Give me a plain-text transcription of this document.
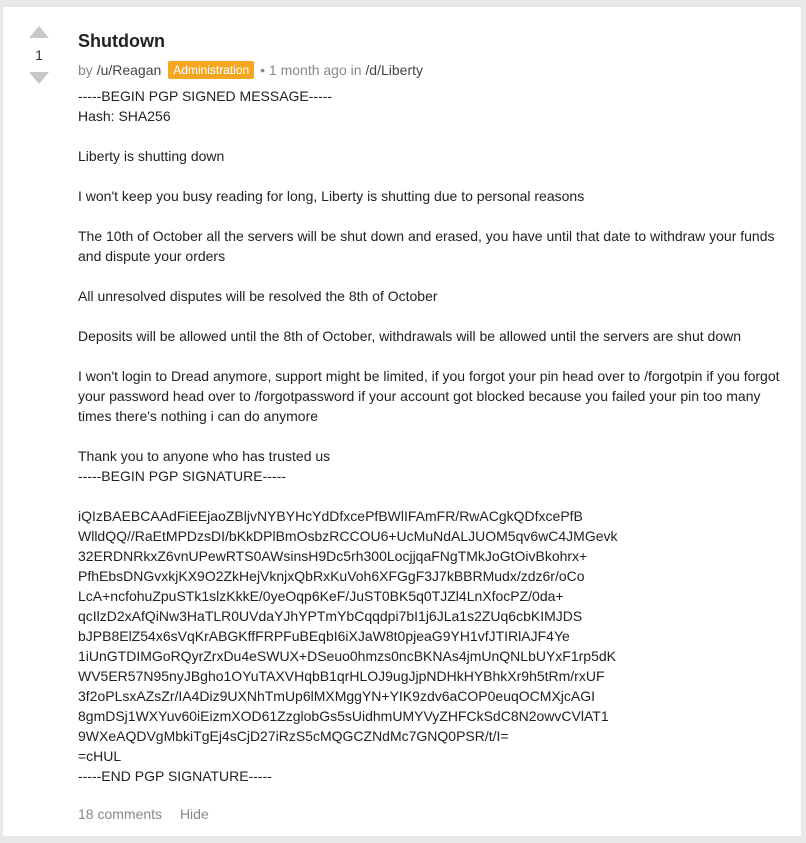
1
Shutdown
by /u/Reagan Administration • 1 month ago in /d/Liberty
-----BEGIN PGP SIGNED MESSAGE-----
Hash: SHA256
Liberty is shutting down
I won't keep you busy reading for long, Liberty is shutting due to personal reasons
The 10th of October all the servers will be shut down and erased, you have until that date to withdraw your funds and dispute your orders
All unresolved disputes will be resolved the 8th of October
Deposits will be allowed until the 8th of October, withdrawals will be allowed until the servers are shut down
I won't login to Dread anymore, support might be limited, if you forgot your pin head over to /forgotpin if you forgot your password head over to /forgotpassword if your account got blocked because you failed your pin too many times there's nothing i can do anymore
Thank you to anyone who has trusted us
-----BEGIN PGP SIGNATURE-----
iQIzBAEBCAAdFiEEjaoZBljvNYBYHcYdDfxcePfBWlIFAmFR/RwACgkQDfxcePfB
WlldQQ//RaEtMPDzsDI/bKkDPlBmOsbzRCCOU6+UcMuNdALJUOM5qv6wC4JMGevk
32ERDNRkxZ6vnUPewRTS0AWsinsH9Dc5rh300LocjjqaFNgTMkJoGtOivBkohrx+
PfhEbsDNGvxkjKX9O2ZkHejVknjxQbRxKuVoh6XFGgF3J7kBBRMudx/zdz6r/oCo
LcA+ncfohuZpuSTk1slzKkkE/0yeOqp6KeF/JuST0BK5q0TJZl4LnXfocPZ/0da+
qcIlzD2xAfQiNw3HaTLR0UVdaYJhYPTmYbCqqdpi7bI1j6JLa1s2ZUq6cbKIMJDS
bJPB8ElZ54x6sVqKrABGKffFRPFuBEqbI6iXJaW8t0pjeaG9YH1vfJTIRlAJF4Ye
1iUnGTDIMGoRQyrZrxDu4eSWUX+DSeuo0hmzs0ncBKNAs4jmUnQNLbUYxF1rp5dK
WV5ER57N95nyJBgho1OYuTAXVHqbB1qrHLOJ9ugJjpNDHkHYBhkXr9h5tRm/rxUF
3f2oPLsxAZsZr/IA4Diz9UXNhTmUp6lMXMggYN+YIK9zdv6aCOP0euqOCMXjcAGI
8gmDSj1WXYuv60iEizmXOD61ZzglobGs5sUidhmUMYVyZHFCkSdC8N2owvCVlAT1
9WXeAQDVgMbkiTgEj4sCjD27iRzS5cMQGCZNdMc7GNQ0PSR/t/I=
=cHUL
-----END PGP SIGNATURE-----
18 comments Hide
